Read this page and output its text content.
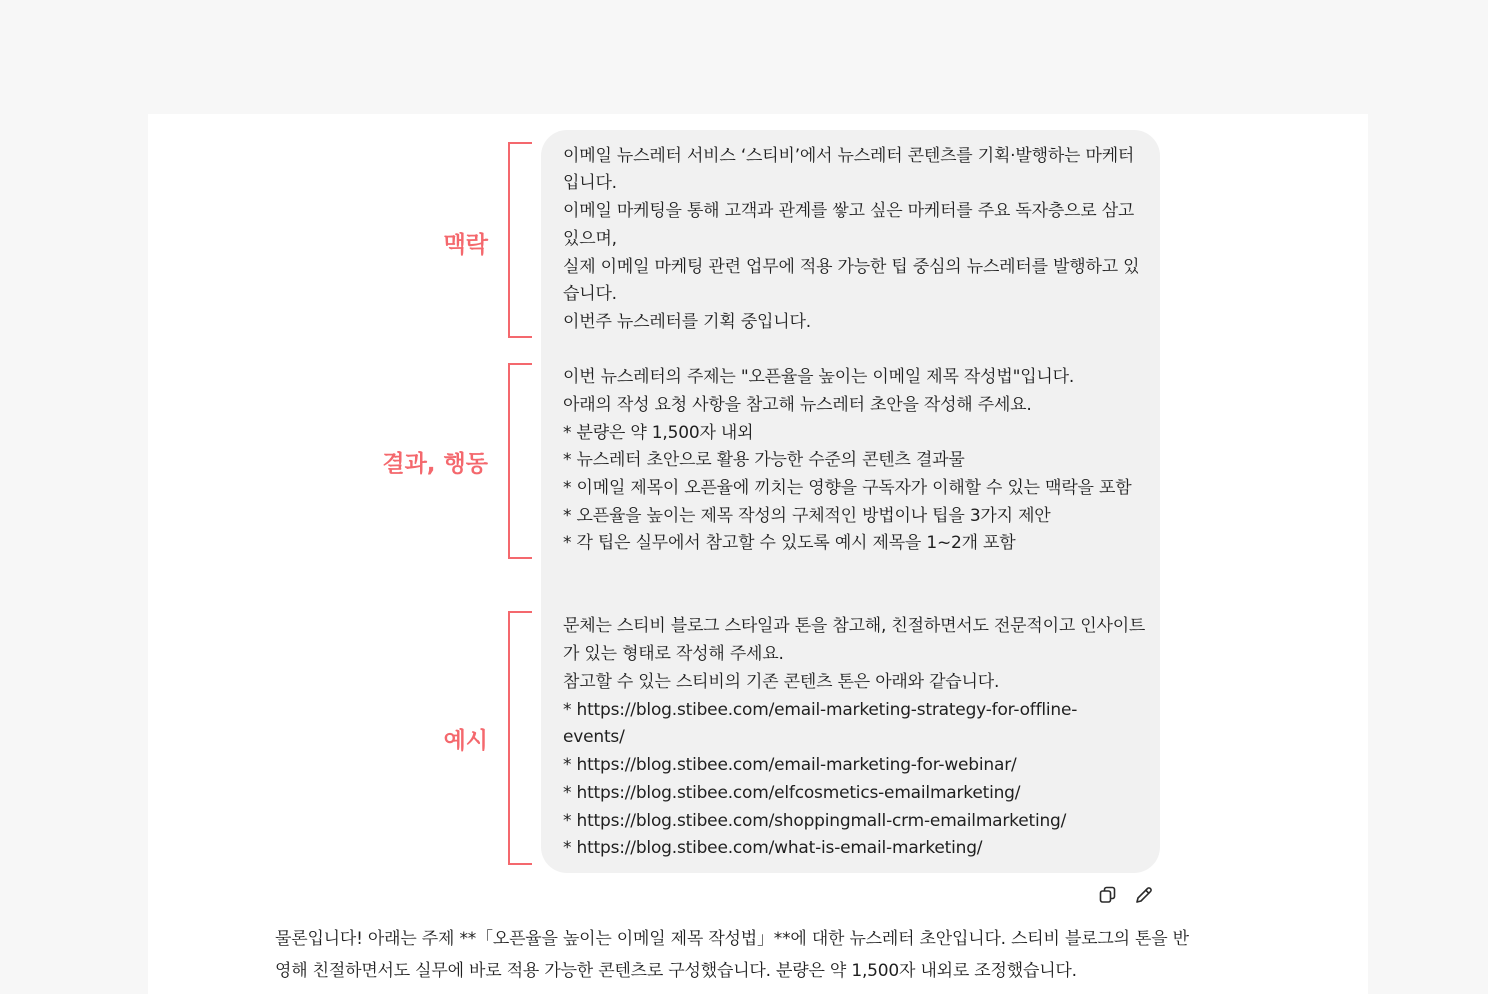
맥락
결과, 행동
예시
이메일 뉴스레터 서비스 ‘스티비’에서 뉴스레터 콘텐츠를 기획·발행하는 마케터
입니다.
이메일 마케팅을 통해 고객과 관계를 쌓고 싶은 마케터를 주요 독자층으로 삼고
있으며,
실제 이메일 마케팅 관련 업무에 적용 가능한 팁 중심의 뉴스레터를 발행하고 있
습니다.
이번주 뉴스레터를 기획 중입니다.
이번 뉴스레터의 주제는 "오픈율을 높이는 이메일 제목 작성법"입니다.
아래의 작성 요청 사항을 참고해 뉴스레터 초안을 작성해 주세요.
* 분량은 약 1,500자 내외
* 뉴스레터 초안으로 활용 가능한 수준의 콘텐츠 결과물
* 이메일 제목이 오픈율에 끼치는 영향을 구독자가 이해할 수 있는 맥락을 포함
* 오픈율을 높이는 제목 작성의 구체적인 방법이나 팁을 3가지 제안
* 각 팁은 실무에서 참고할 수 있도록 예시 제목을 1~2개 포함
문체는 스티비 블로그 스타일과 톤을 참고해, 친절하면서도 전문적이고 인사이트
가 있는 형태로 작성해 주세요.
참고할 수 있는 스티비의 기존 콘텐츠 톤은 아래와 같습니다.
* https://blog.stibee.com/email-marketing-strategy-for-offline-
events/
* https://blog.stibee.com/email-marketing-for-webinar/
* https://blog.stibee.com/elfcosmetics-emailmarketing/
* https://blog.stibee.com/shoppingmall-crm-emailmarketing/
* https://blog.stibee.com/what-is-email-marketing/
물론입니다! 아래는 주제 **「오픈율을 높이는 이메일 제목 작성법」**에 대한 뉴스레터 초안입니다. 스티비 블로그의 톤을 반
영해 친절하면서도 실무에 바로 적용 가능한 콘텐츠로 구성했습니다. 분량은 약 1,500자 내외로 조정했습니다.
